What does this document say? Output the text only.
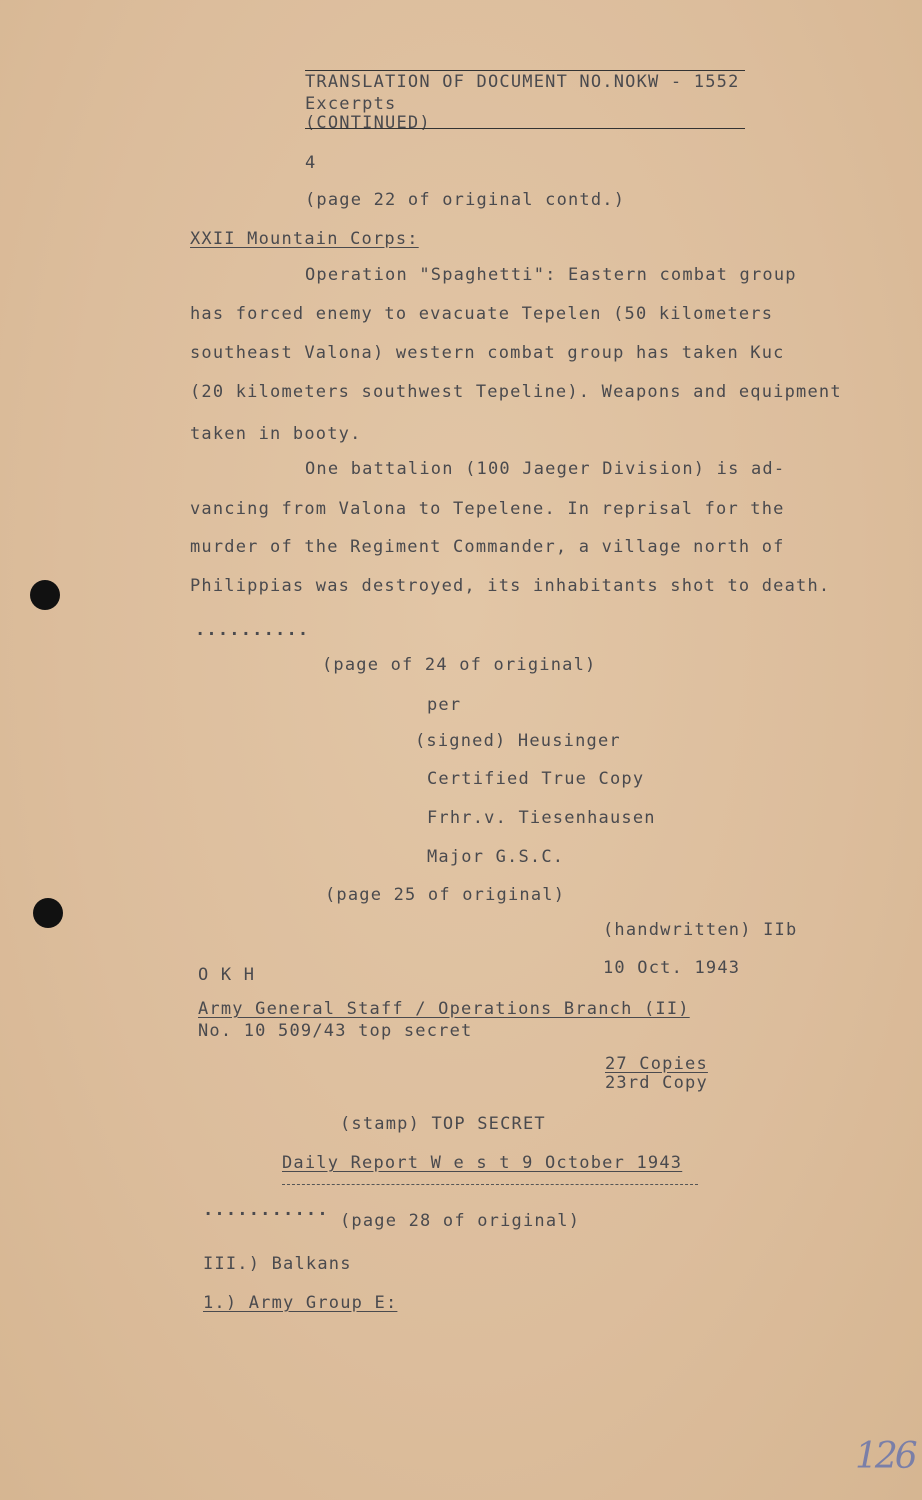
TRANSLATION OF DOCUMENT NO.NOKW - 1552
Excerpts
(CONTINUED)
4
(page 22 of original contd.)
XXII Mountain Corps:
Operation "Spaghetti": Eastern combat group
has forced enemy to evacuate Tepelen (50 kilometers
southeast Valona) western combat group has taken Kuc
(20 kilometers southwest Tepeline). Weapons and equipment
taken in booty.
One battalion (100 Jaeger Division) is ad-
vancing from Valona to Tepelene. In reprisal for the
murder of the Regiment Commander, a village north of
Philippias was destroyed, its inhabitants shot to death.
..........
(page of 24 of original)
per
(signed) Heusinger
Certified True Copy
Frhr.v. Tiesenhausen
Major G.S.C.
(page 25 of original)
(handwritten) IIb
O K H	10 Oct. 1943
Army General Staff / Operations Branch (II)
No. 10 509/43 top secret
27 Copies
23rd Copy
(stamp) TOP SECRET
Daily Report W e s t 9 October 1943
...........
(page 28 of original)
III.) Balkans
1.) Army Group E:
126
